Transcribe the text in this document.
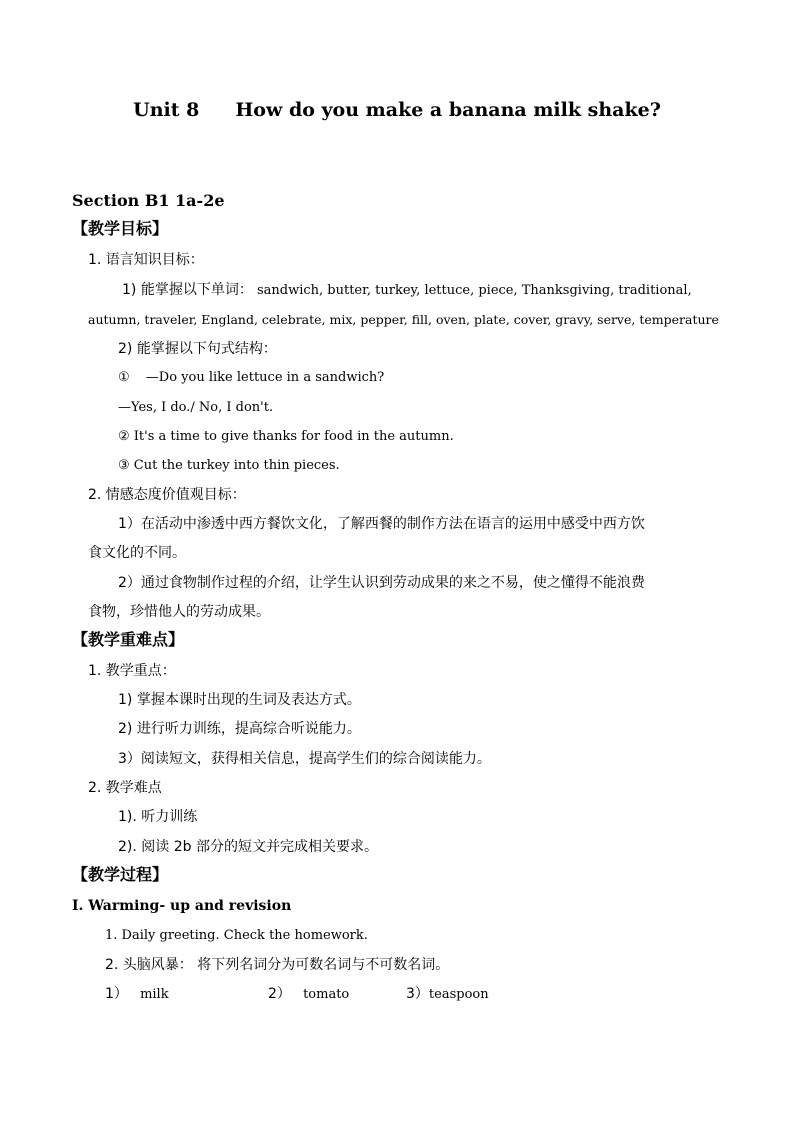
Unit 8 How do you make a banana milk shake?
Section B1 1a-2e
【教学目标】
1. 语言知识目标：
1) 能掌握以下单词： sandwich, butter, turkey, lettuce, piece, Thanksgiving, traditional,
autumn, traveler, England, celebrate, mix, pepper, fill, oven, plate, cover, gravy, serve, temperature
2) 能掌握以下句式结构：
① —Do you like lettuce in a sandwich?
—Yes, I do./ No, I don't.
② It's a time to give thanks for food in the autumn.
③ Cut the turkey into thin pieces.
2. 情感态度价值观目标：
1）在活动中渗透中西方餐饮文化，了解西餐的制作方法在语言的运用中感受中西方饮
食文化的不同。
2）通过食物制作过程的介绍，让学生认识到劳动成果的来之不易，使之懂得不能浪费
食物，珍惜他人的劳动成果。
【教学重难点】
1. 教学重点：
1) 掌握本课时出现的生词及表达方式。
2) 进行听力训练，提高综合听说能力。
3）阅读短文，获得相关信息，提高学生们的综合阅读能力。
2. 教学难点
1). 听力训练
2). 阅读 2b 部分的短文并完成相关要求。
【教学过程】
Ⅰ. Warming- up and revision
1. Daily greeting. Check the homework.
2. 头脑风暴： 将下列名词分为可数名词与不可数名词。
1） milk	2） tomato	3）teaspoon
